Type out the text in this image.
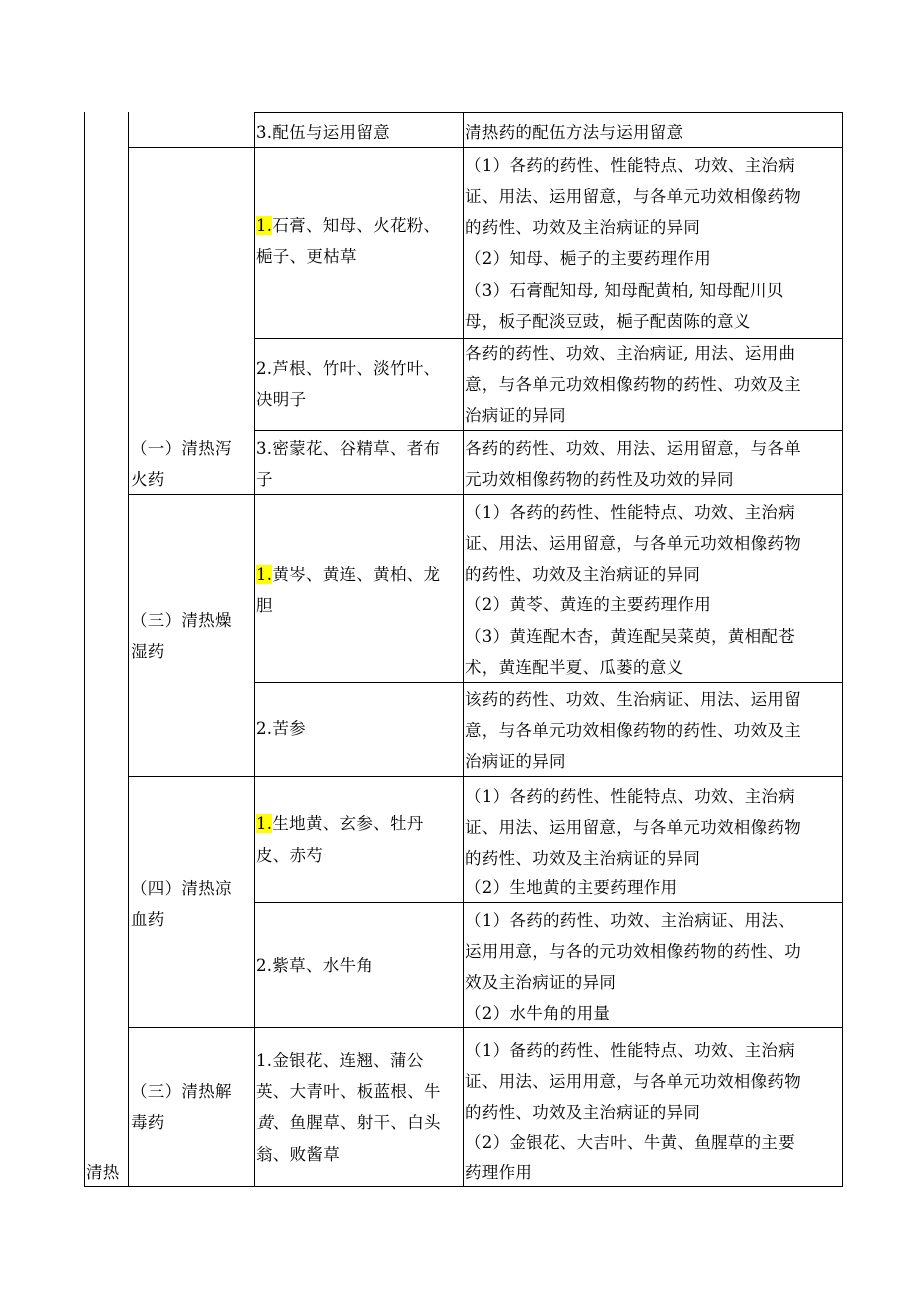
清热
3.配伍与运用留意	清热药的配伍方法与运用留意
（一）清热泻
火药
1.石膏、知母、火花粉、
梔子、更枯草
（1）各药的药性、性能特点、功效、主治病
证、用法、运用留意，与各单元功效相像药物
的药性、功效及主治病证的异同
（2）知母、梔子的主要药理作用
（3）石膏配知母, 知母配黄柏, 知母配川贝
母，板子配淡豆豉，梔子配茵陈的意义
2.芦根、竹叶、淡竹叶、
决明子
各药的药性、功效、主治病证, 用法、运用曲
意，与各单元功效相像药物的药性、功效及主
治病证的异同
3.密蒙花、谷精草、者布
子
各药的药性、功效、用法、运用留意，与各单
元功效相像药物的药性及功效的异同
（三）清热燥
湿药
1.黄岑、黄连、黄柏、龙
胆
（1）各药的药性、性能特点、功效、主治病
证、用法、运用留意，与各单元功效相像药物
的药性、功效及主治病证的异同
（2）黄苓、黄连的主要药理作用
（3）黄连配木杏，黄连配吴菜萸，黄相配苍
术，黄连配半夏、瓜蒌的意义
2.苦参
该药的药性、功效、生治病证、用法、运用留
意，与各单元功效相像药物的药性、功效及主
治病证的异同
（四）清热凉
血药
1.生地黄、玄参、牡丹
皮、赤芍
（1）各药的药性、性能特点、功效、主治病
证、用法、运用留意，与各单元功效相像药物
的药性、功效及主治病证的异同
（2）生地黄的主要药理作用
2.紫草、水牛角
（1）各药的药性、功效、主治病证、用法、
运用用意，与各的元功效相像药物的药性、功
效及主治病证的异同
（2）水牛角的用量
（三）清热解
毒药
1.金银花、连翘、蒲公
英、大青叶、板蓝根、牛
黄、鱼腥草、射干、白头
翁、败酱草
（1）备药的药性、性能特点、功效、主治病
证、用法、运用用意，与各单元功效相像药物
的药性、功效及主治病证的异同
（2）金银花、大吉叶、牛黄、鱼腥草的主要
药理作用
